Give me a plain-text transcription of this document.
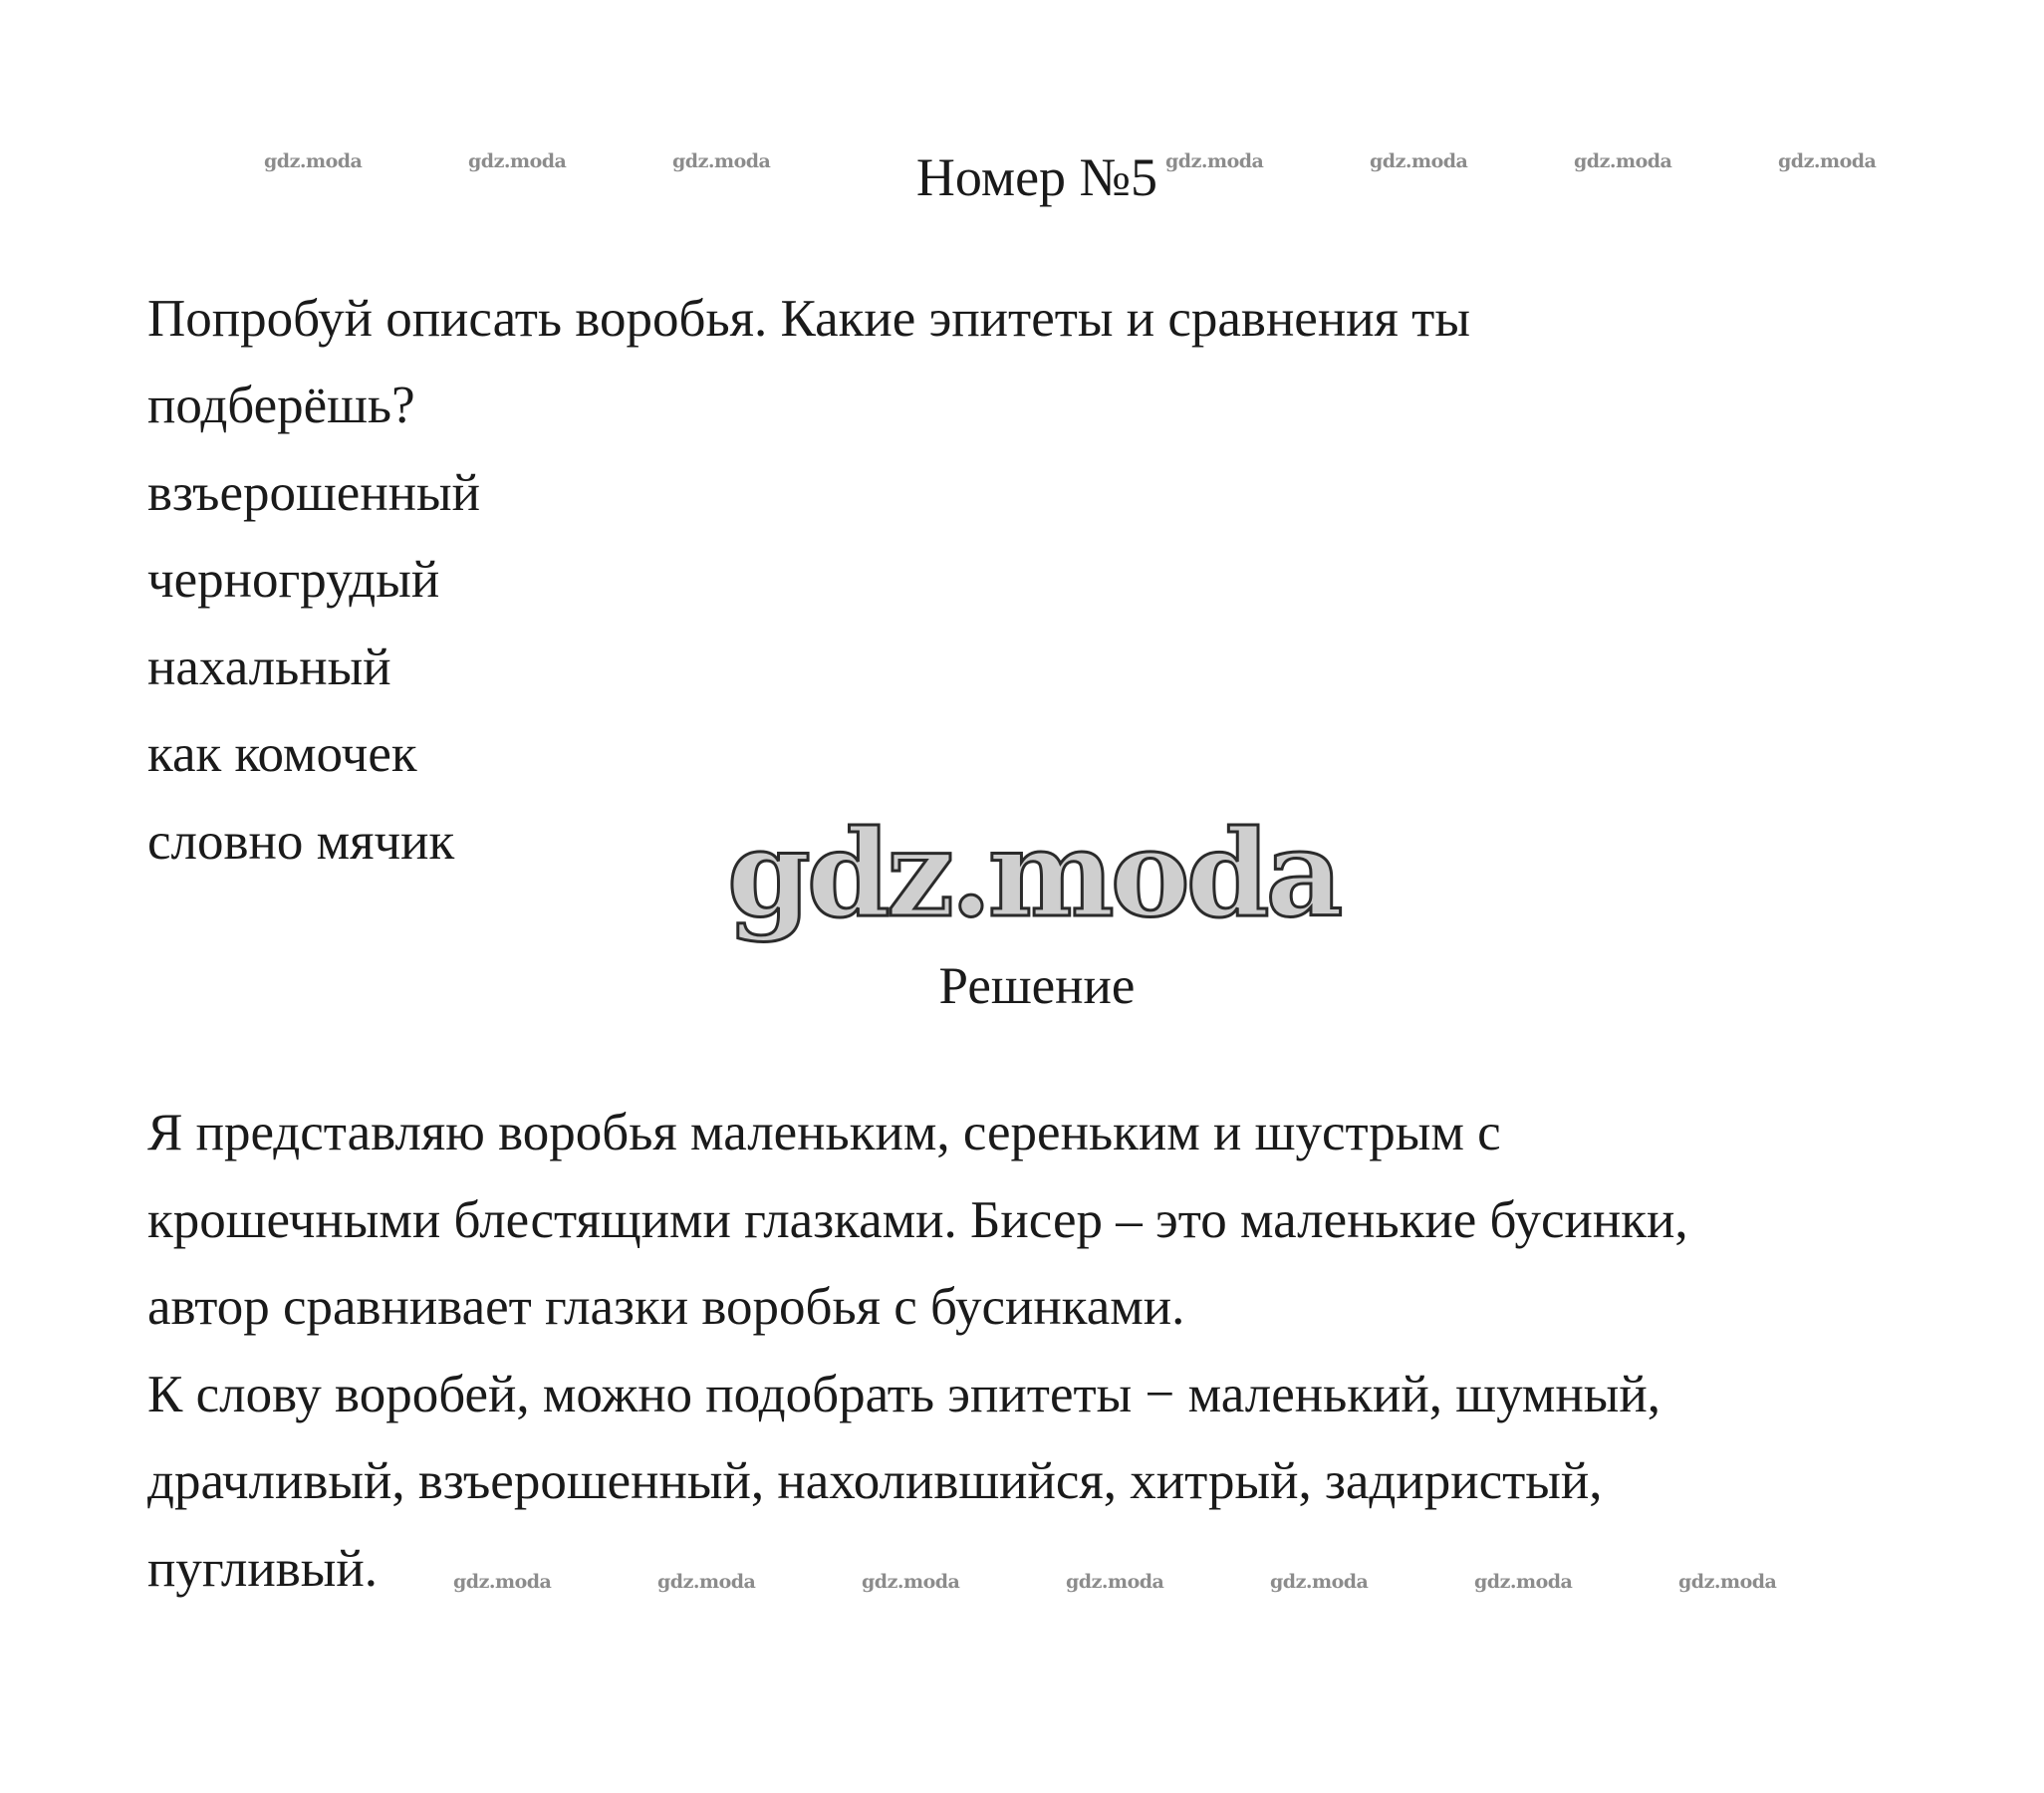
gdz.moda	gdz.moda	gdz.moda	gdz.moda	gdz.moda	gdz.moda	gdz.moda
Номер №5
Попробуй описать воробья. Какие эпитеты и сравнения ты
подберёшь?
взъерошенный
черногрудый
нахальный
как комочек
словно мячик gdz.moda
Решение
Я представляю воробья маленьким, сереньким и шустрым с
крошечными блестящими глазками. Бисер – это маленькие бусинки,
автор сравнивает глазки воробья с бусинками.
К слову воробей, можно подобрать эпитеты − маленький, шумный,
драчливый, взъерошенный, нахолившийся, хитрый, задиристый,
пугливый.	gdz.moda	gdz.moda	gdz.moda	gdz.moda	gdz.moda	gdz.moda	gdz.moda
